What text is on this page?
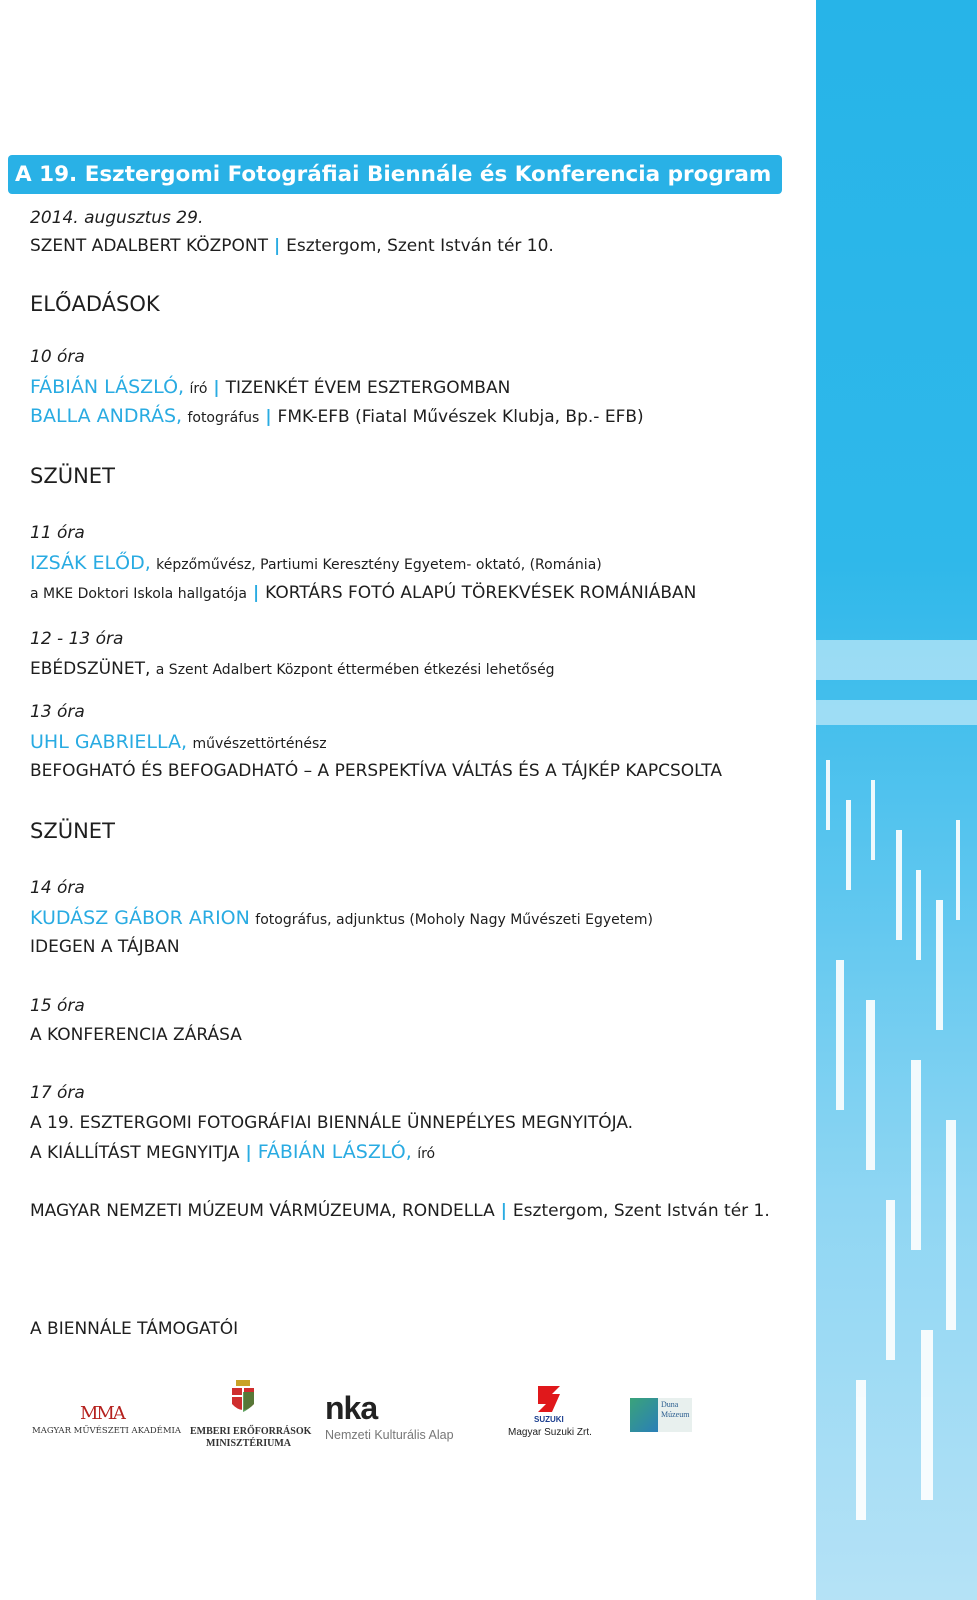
A 19. Esztergomi Fotográfiai Biennále és Konferencia program
2014. augusztus 29.
SZENT ADALBERT KÖZPONT | Esztergom, Szent István tér 10.
ELŐADÁSOK
10 óra
FÁBIÁN LÁSZLÓ, író | TIZENKÉT ÉVEM ESZTERGOMBAN
BALLA ANDRÁS, fotográfus | FMK-EFB (Fiatal Művészek Klubja, Bp.- EFB)
SZÜNET
11 óra
IZSÁK ELŐD, képzőművész, Partiumi Keresztény Egyetem- oktató, (Románia)
a MKE Doktori Iskola hallgatója | KORTÁRS FOTÓ ALAPÚ TÖREKVÉSEK ROMÁNIÁBAN
12 - 13 óra
EBÉDSZÜNET, a Szent Adalbert Központ éttermében étkezési lehetőség
13 óra
UHL GABRIELLA, művészettörténész
BEFOGHATÓ ÉS BEFOGADHATÓ – A PERSPEKTÍVA VÁLTÁS ÉS A TÁJKÉP KAPCSOLTA
SZÜNET
14 óra
KUDÁSZ GÁBOR ARION fotográfus, adjunktus (Moholy Nagy Művészeti Egyetem)
IDEGEN A TÁJBAN
15 óra
A KONFERENCIA ZÁRÁSA
17 óra
A 19. ESZTERGOMI FOTOGRÁFIAI BIENNÁLE ÜNNEPÉLYES MEGNYITÓJA.
A KIÁLLÍTÁST MEGNYITJA | FÁBIÁN LÁSZLÓ, író
MAGYAR NEMZETI MÚZEUM VÁRMÚZEUMA, RONDELLA | Esztergom, Szent István tér 1.
A BIENNÁLE TÁMOGATÓI
MMA
MAGYAR MŰVÉSZETI AKADÉMIA EMBERI ERŐFORRÁSOK
MINISZTÉRIUMA
nka
Nemzeti Kulturális Alap
SUZUKI
Magyar Suzuki Zrt.
Duna
Múzeum
